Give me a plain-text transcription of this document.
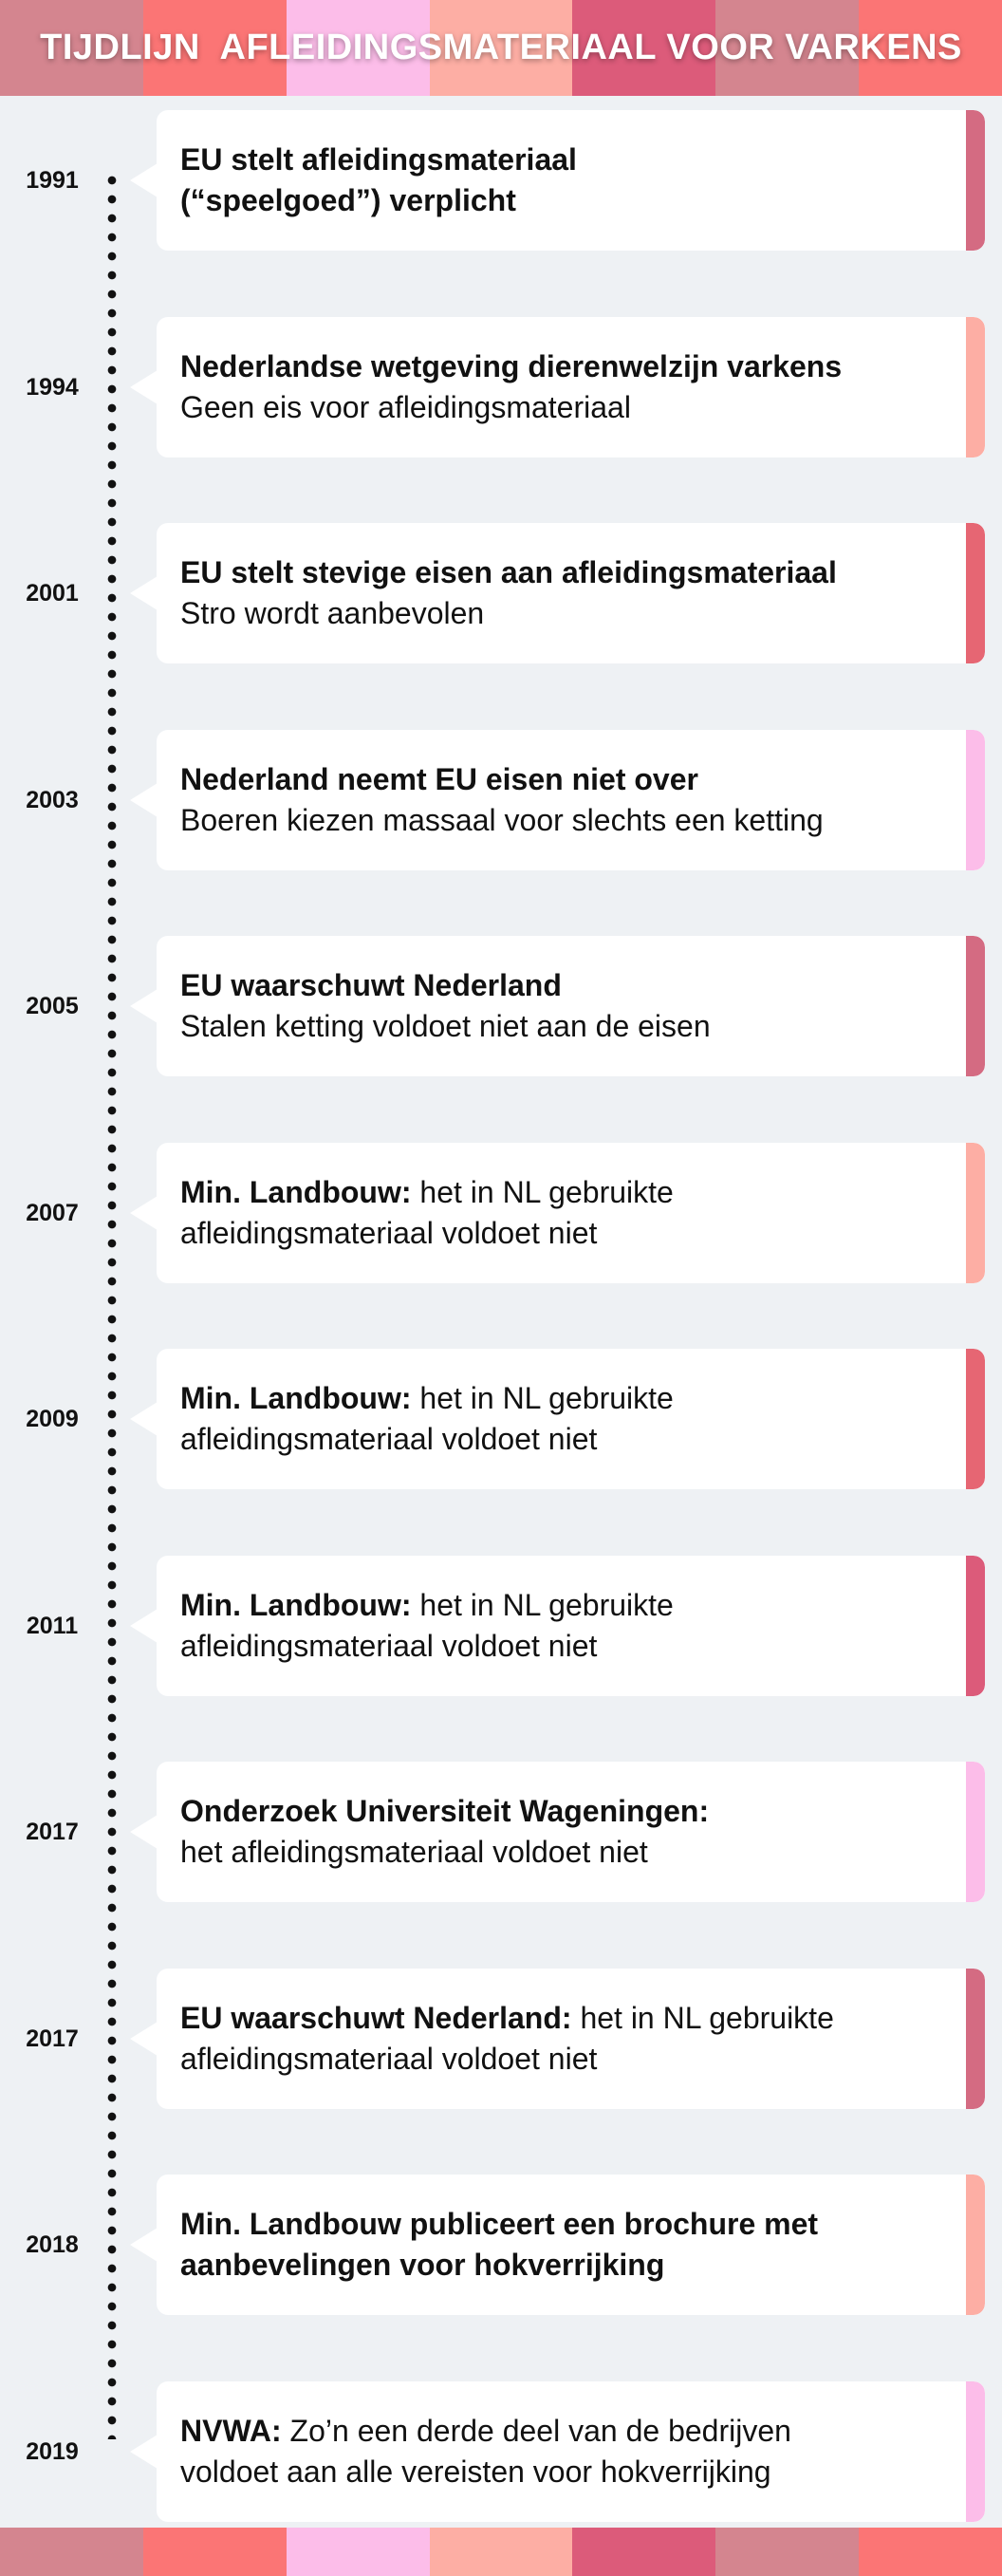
TIJDLIJN  AFLEIDINGSMATERIAAL VOOR VARKENS
1991
EU stelt afleidingsmateriaal
(“speelgoed”) verplicht
1994
Nederlandse wetgeving dierenwelzijn varkens
Geen eis voor afleidingsmateriaal
2001
EU stelt stevige eisen aan afleidingsmateriaal
Stro wordt aanbevolen
2003
Nederland neemt EU eisen niet over
Boeren kiezen massaal voor slechts een ketting
2005
EU waarschuwt Nederland
Stalen ketting voldoet niet aan de eisen
2007
Min. Landbouw: het in NL gebruikte
afleidingsmateriaal voldoet niet
2009
Min. Landbouw: het in NL gebruikte
afleidingsmateriaal voldoet niet
2011
Min. Landbouw: het in NL gebruikte
afleidingsmateriaal voldoet niet
2017
Onderzoek Universiteit Wageningen:
het afleidingsmateriaal voldoet niet
2017
EU waarschuwt Nederland: het in NL gebruikte
afleidingsmateriaal voldoet niet
2018
Min. Landbouw publiceert een brochure met
aanbevelingen voor hokverrijking
2019
NVWA: Zo’n een derde deel van de bedrijven
voldoet aan alle vereisten voor hokverrijking
